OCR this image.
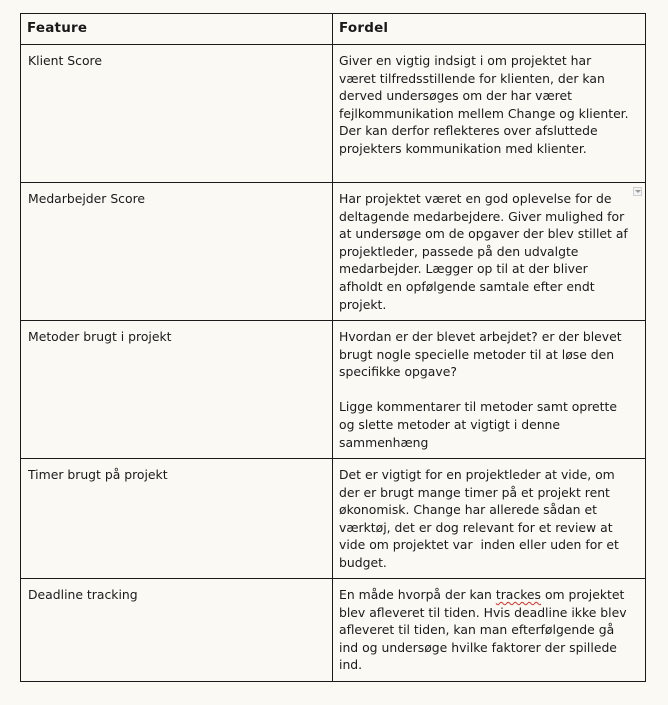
Feature	Fordel
Klient Score	Giver en vigtig indsigt i om projektet har været tilfredsstillende for klienten, der kan derved undersøges om der har været fejlkommunikation mellem Change og klienter. Der kan derfor reflekteres over afsluttede projekters kommunikation med klienter.
Medarbejder Score	Har projektet været en god oplevelse for de deltagende medarbejdere. Giver mulighed for at undersøge om de opgaver der blev stillet af projektleder, passede på den udvalgte medarbejder. Lægger op til at der bliver afholdt en opfølgende samtale efter endt projekt.

Metoder brugt i projekt	Hvordan er der blevet arbejdet? er der blevet brugt nogle specielle metoder til at løse den specifikke opgave?
Ligge kommentarer til metoder samt oprette og slette metoder at vigtigt i denne sammenhæng

Timer brugt på projekt	Det er vigtigt for en projektleder at vide, om der er brugt mange timer på et projekt rent økonomisk. Change har allerede sådan et værktøj, det er dog relevant for et review at vide om projektet var  inden eller uden for et budget.
Deadline tracking	En måde hvorpå der kan trackes om projektet blev afleveret til tiden. Hvis deadline ikke blev afleveret til tiden, kan man efterfølgende gå ind og undersøge hvilke faktorer der spillede ind.
